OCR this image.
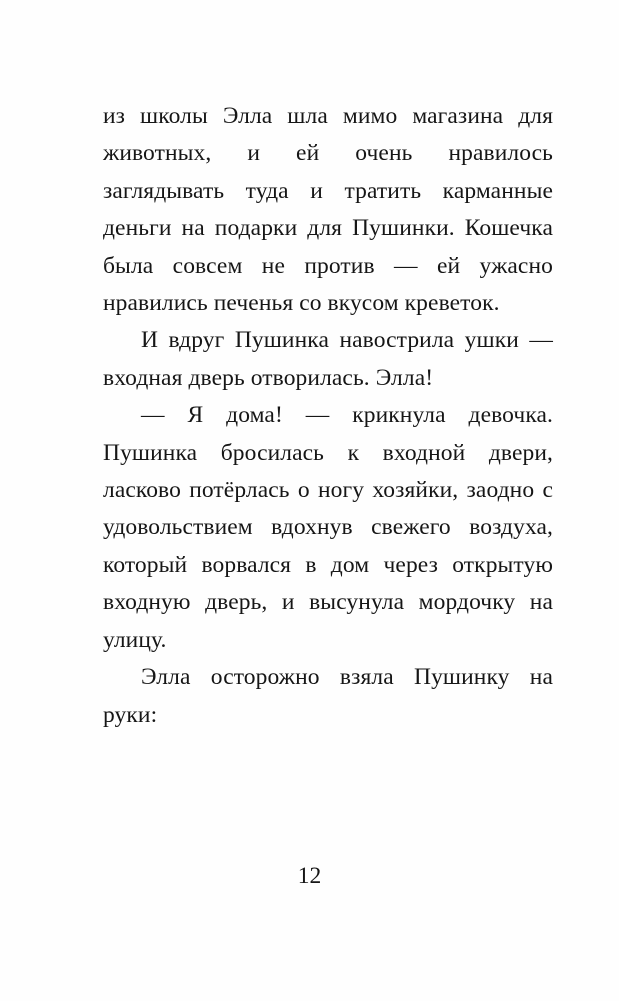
из школы Элла шла мимо магазина для животных, и ей очень нравилось заглядывать туда и тратить карманные деньги на подарки для Пушинки. Кошечка была совсем не против — ей ужасно нравились печенья со вкусом креветок.

И вдруг Пушинка навострила ушки — входная дверь отворилась. Элла!

— Я дома! — крикнула девочка. Пушинка бросилась к входной двери, ласково потёрлась о ногу хозяйки, заодно с удовольствием вдохнув свежего воздуха, который ворвался в дом через открытую входную дверь, и высунула мордочку на улицу.

Элла осторожно взяла Пушинку на руки:

12
